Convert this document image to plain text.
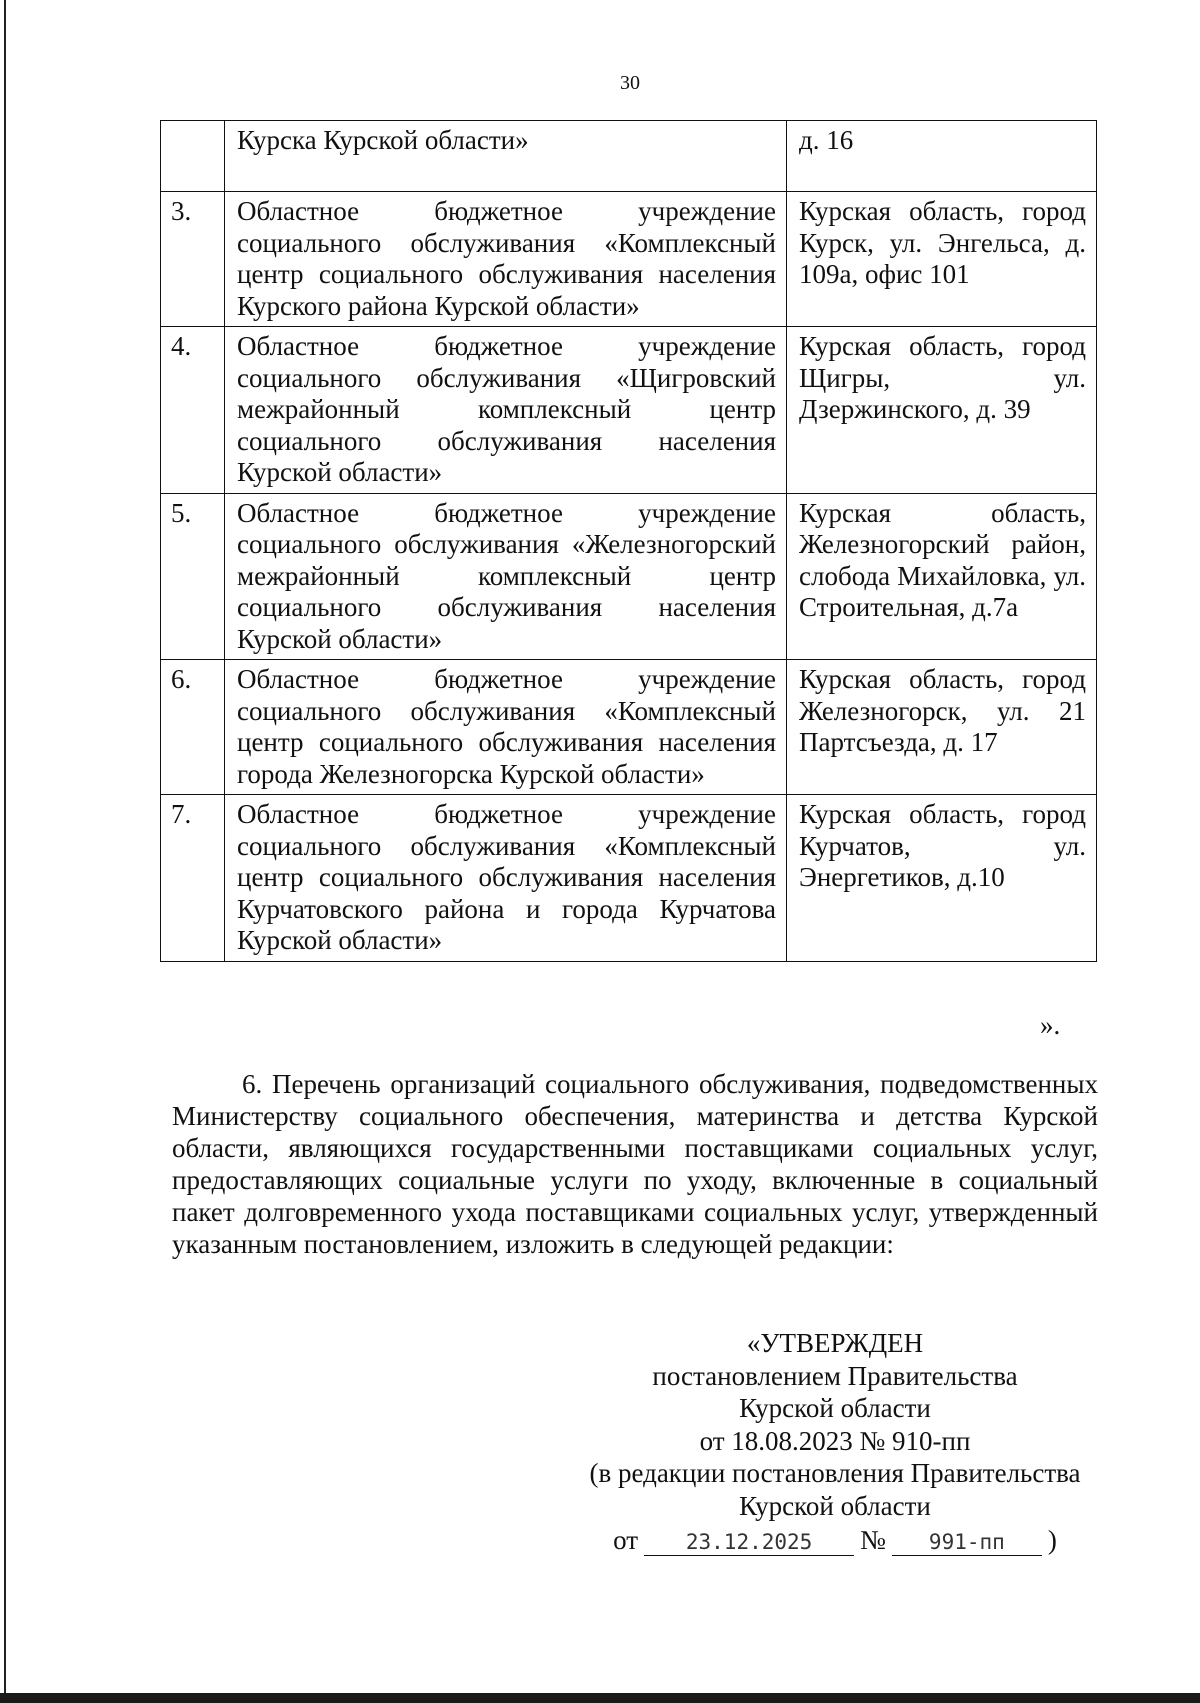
30
	Курска Курской области»	д. 16
3.	Областное бюджетное учреждение социального обслуживания «Комплексный центр социального обслуживания населения Курского района Курской области»	Курская область, город Курск, ул. Энгельса, д. 109а, офис 101
4.	Областное бюджетное учреждение социального обслуживания «Щигровский межрайонный комплексный центр социального обслуживания населения Курской области»	Курская область, город Щигры, ул. Дзержинского, д. 39
5.	Областное бюджетное учреждение социального обслуживания «Железногорский межрайонный комплексный центр социального обслуживания населения Курской области»	Курская область, Железногорский район, слобода Михайловка, ул. Строительная, д.7а
6.	Областное бюджетное учреждение социального обслуживания «Комплексный центр социального обслуживания населения города Железногорска Курской области»	Курская область, город Железногорск, ул. 21 Партсъезда, д. 17
7.	Областное бюджетное учреждение социального обслуживания «Комплексный центр социального обслуживания населения Курчатовского района и города Курчатова Курской области»	Курская область, город Курчатов, ул. Энергетиков, д.10
».
6. Перечень организаций социального обслуживания, подведомственных Министерству социального обеспечения, материнства и детства Курской области, являющихся государственными поставщиками социальных услуг, предоставляющих социальные услуги по уходу, включенные в социальный пакет долговременного ухода поставщиками социальных услуг, утвержденный указанным постановлением, изложить в следующей редакции:
«УТВЕРЖДЕН
постановлением Правительства
Курской области
от 18.08.2023 № 910-пп
(в редакции постановления Правительства
Курской области
от	23.12.2025	№	991-пп	)
